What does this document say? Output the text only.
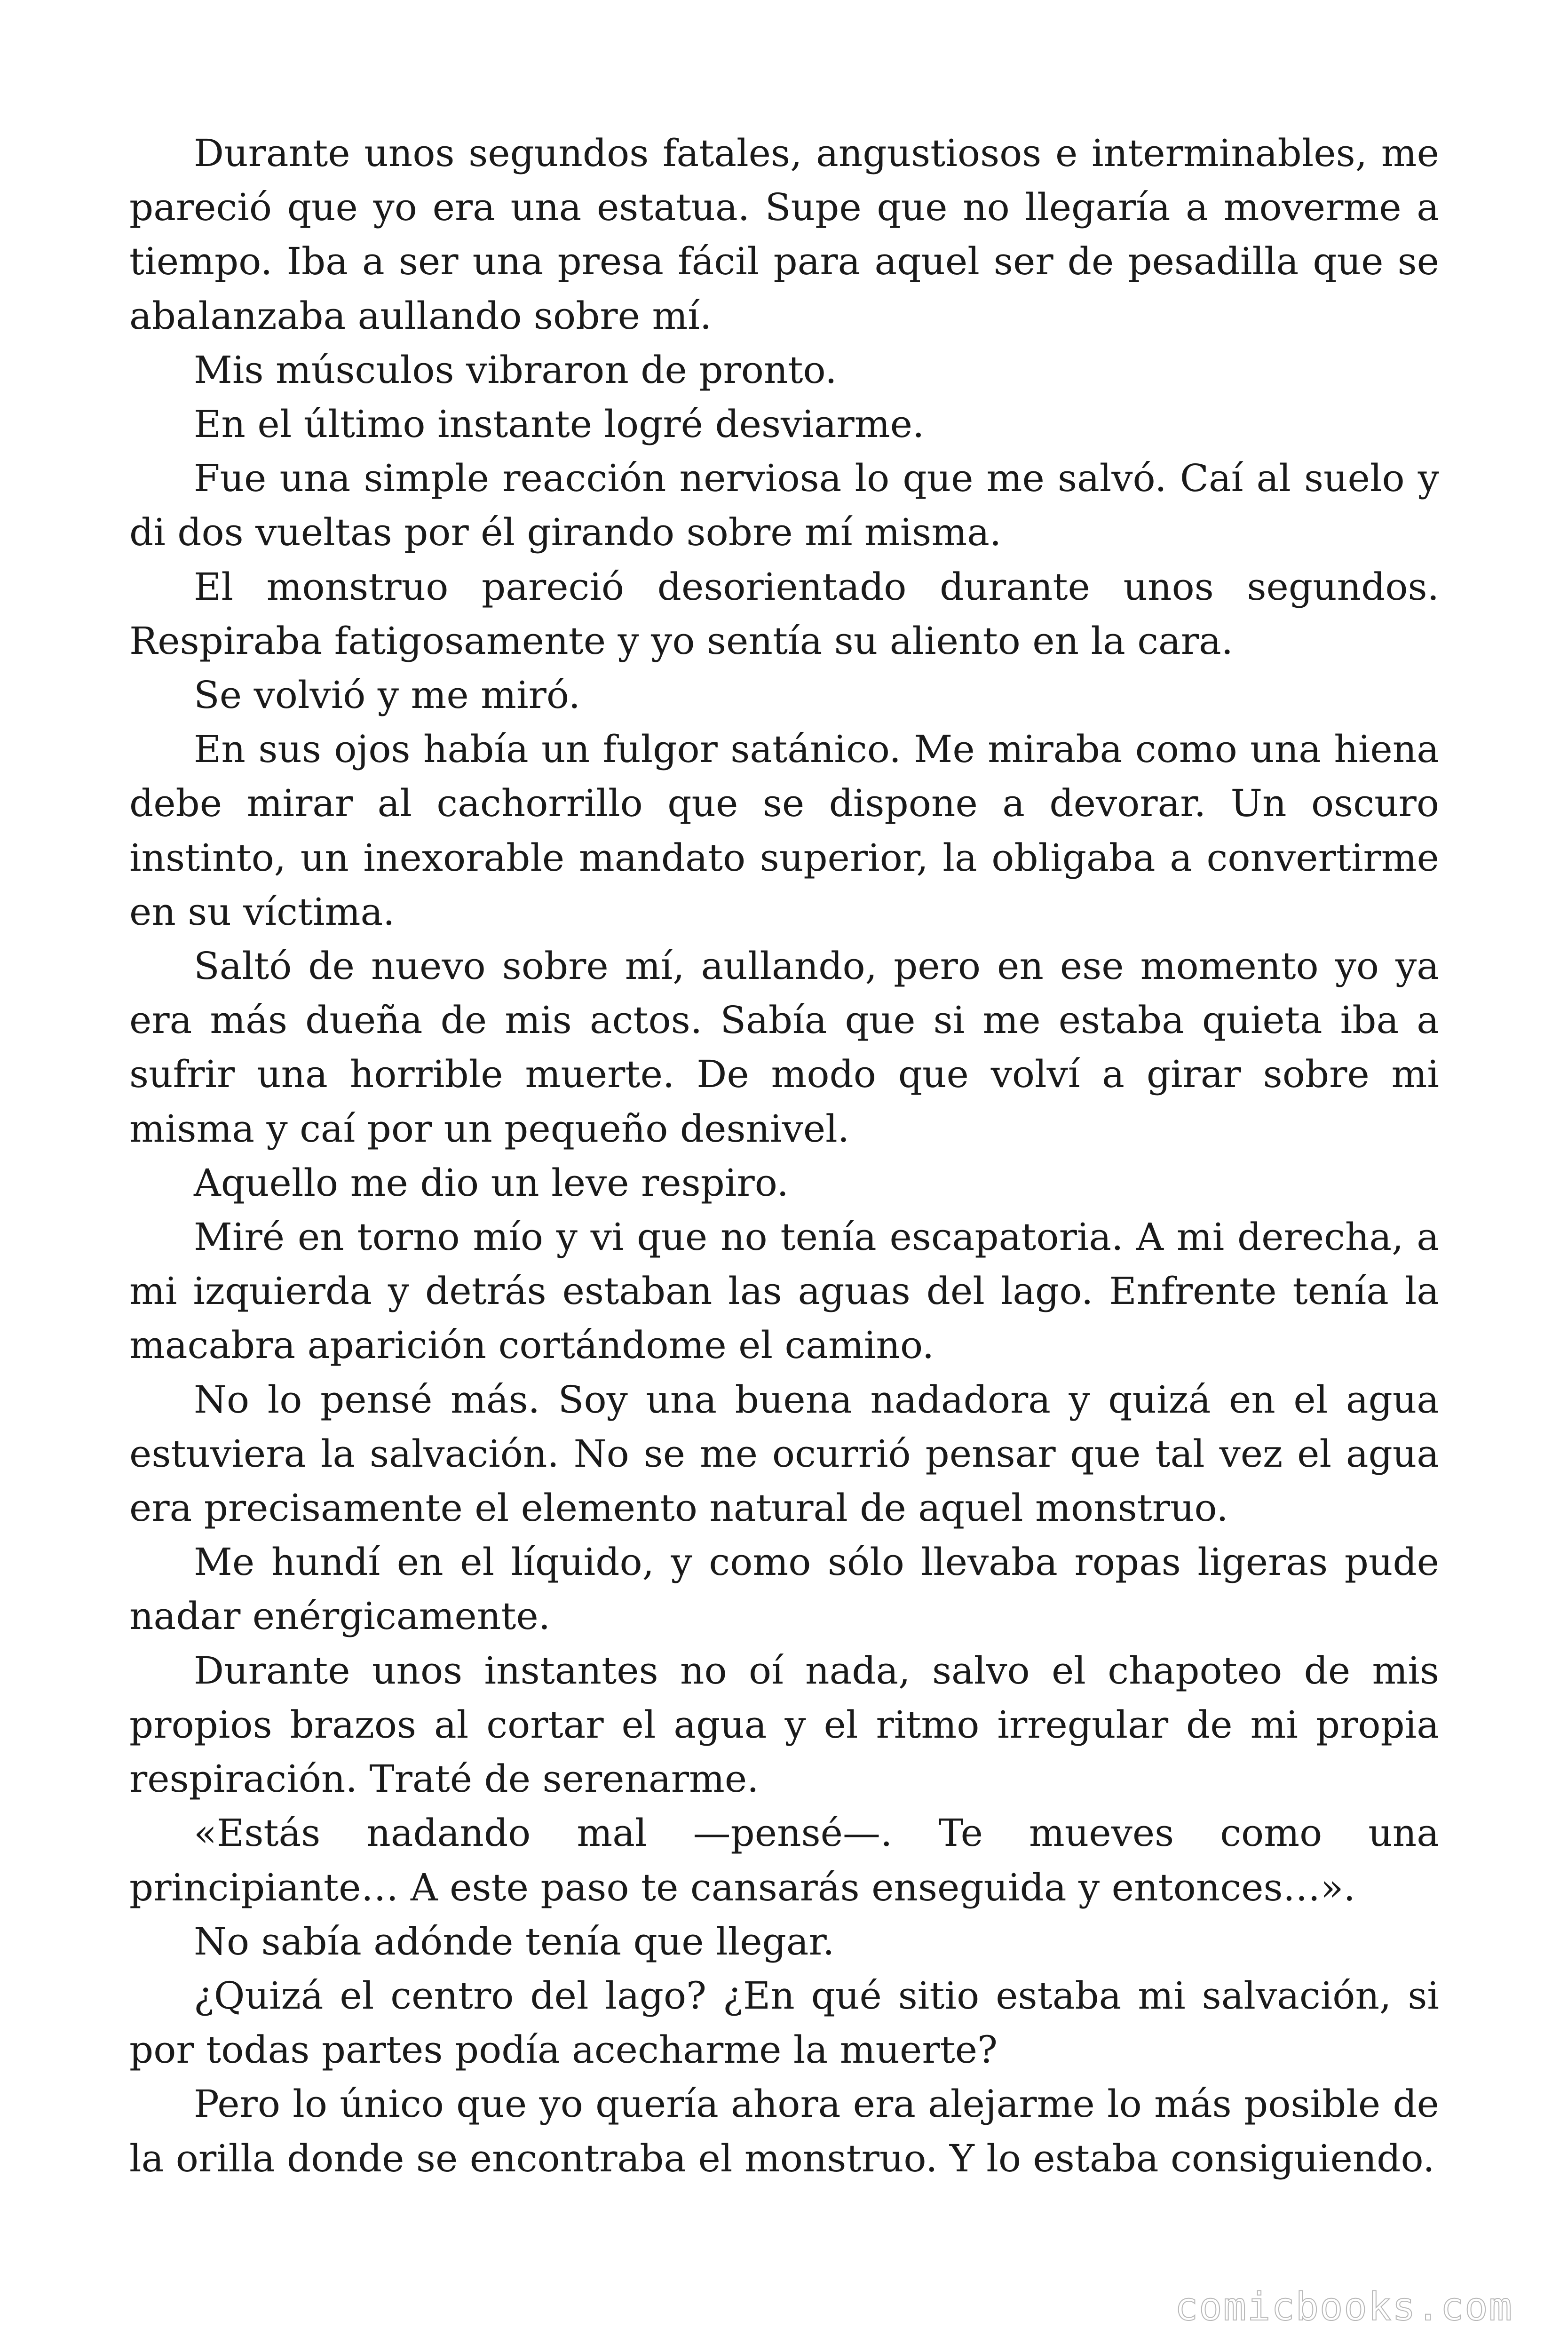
Durante unos segundos fatales, angustiosos e interminables, me pareció que yo era una estatua. Supe que no llegaría a moverme a tiempo. Iba a ser una presa fácil para aquel ser de pesadilla que se abalanzaba aullando sobre mí.

Mis músculos vibraron de pronto.

En el último instante logré desviarme.

Fue una simple reacción nerviosa lo que me salvó. Caí al suelo y di dos vueltas por él girando sobre mí misma.

El monstruo pareció desorientado durante unos segundos. Respiraba fatigosamente y yo sentía su aliento en la cara.

Se volvió y me miró.

En sus ojos había un fulgor satánico. Me miraba como una hiena debe mirar al cachorrillo que se dispone a devorar. Un oscuro instinto, un inexorable mandato superior, la obligaba a convertirme en su víctima.

Saltó de nuevo sobre mí, aullando, pero en ese momento yo ya era más dueña de mis actos. Sabía que si me estaba quieta iba a sufrir una horrible muerte. De modo que volví a girar sobre mi misma y caí por un pequeño desnivel.

Aquello me dio un leve respiro.

Miré en torno mío y vi que no tenía escapatoria. A mi derecha, a mi izquierda y detrás estaban las aguas del lago. Enfrente tenía la macabra aparición cortándome el camino.

No lo pensé más. Soy una buena nadadora y quizá en el agua estuviera la salvación. No se me ocurrió pensar que tal vez el agua era precisamente el elemento natural de aquel monstruo.

Me hundí en el líquido, y como sólo llevaba ropas ligeras pude nadar enérgicamente.

Durante unos instantes no oí nada, salvo el chapoteo de mis propios brazos al cortar el agua y el ritmo irregular de mi propia respiración. Traté de serenarme.

«Estás nadando mal —pensé—. Te mueves como una principiante… A este paso te cansarás enseguida y entonces…».

No sabía adónde tenía que llegar.

¿Quizá el centro del lago? ¿En qué sitio estaba mi salvación, si por todas partes podía acecharme la muerte?

Pero lo único que yo quería ahora era alejarme lo más posible de la orilla donde se encontraba el monstruo. Y lo estaba consiguiendo.

comicbooks.com
